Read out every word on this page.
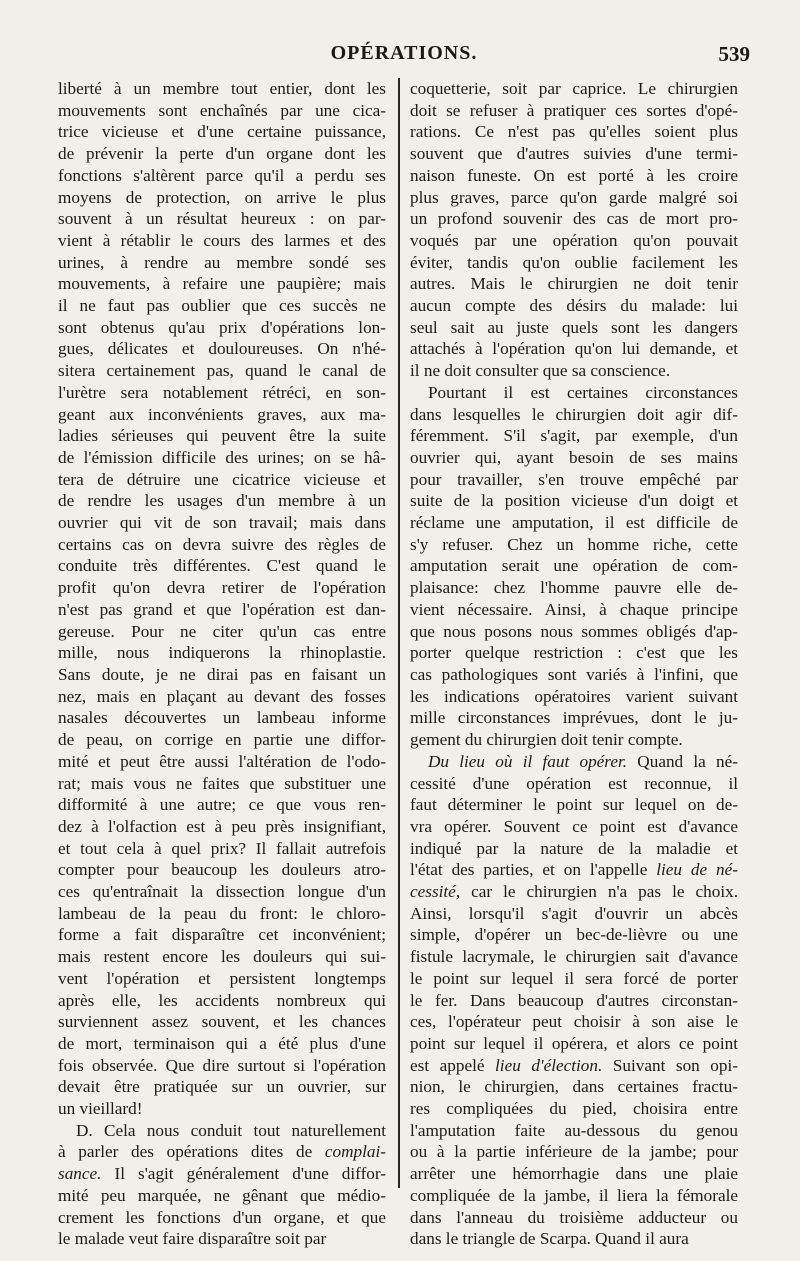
OPÉRATIONS.	539
liberté à un membre tout entier, dont les
mouvements sont enchaînés par une cica-
trice vicieuse et d'une certaine puissance,
de prévenir la perte d'un organe dont les
fonctions s'altèrent parce qu'il a perdu ses
moyens de protection, on arrive le plus
souvent à un résultat heureux : on par-
vient à rétablir le cours des larmes et des
urines, à rendre au membre sondé ses
mouvements, à refaire une paupière; mais
il ne faut pas oublier que ces succès ne
sont obtenus qu'au prix d'opérations lon-
gues, délicates et douloureuses. On n'hé-
sitera certainement pas, quand le canal de
l'urètre sera notablement rétréci, en son-
geant aux inconvénients graves, aux ma-
ladies sérieuses qui peuvent être la suite
de l'émission difficile des urines; on se hâ-
tera de détruire une cicatrice vicieuse et
de rendre les usages d'un membre à un
ouvrier qui vit de son travail; mais dans
certains cas on devra suivre des règles de
conduite très différentes. C'est quand le
profit qu'on devra retirer de l'opération
n'est pas grand et que l'opération est dan-
gereuse. Pour ne citer qu'un cas entre
mille, nous indiquerons la rhinoplastie.
Sans doute, je ne dirai pas en faisant un
nez, mais en plaçant au devant des fosses
nasales découvertes un lambeau informe
de peau, on corrige en partie une diffor-
mité et peut être aussi l'altération de l'odo-
rat; mais vous ne faites que substituer une
difformité à une autre; ce que vous ren-
dez à l'olfaction est à peu près insignifiant,
et tout cela à quel prix? Il fallait autrefois
compter pour beaucoup les douleurs atro-
ces qu'entraînait la dissection longue d'un
lambeau de la peau du front: le chloro-
forme a fait disparaître cet inconvénient;
mais restent encore les douleurs qui sui-
vent l'opération et persistent longtemps
après elle, les accidents nombreux qui
surviennent assez souvent, et les chances
de mort, terminaison qui a été plus d'une
fois observée. Que dire surtout si l'opération
devait être pratiquée sur un ouvrier, sur
un vieillard!
D. Cela nous conduit tout naturellement
à parler des opérations dites de complai-
sance. Il s'agit généralement d'une diffor-
mité peu marquée, ne gênant que médio-
crement les fonctions d'un organe, et que
le malade veut faire disparaître soit par
coquetterie, soit par caprice. Le chirurgien
doit se refuser à pratiquer ces sortes d'opé-
rations. Ce n'est pas qu'elles soient plus
souvent que d'autres suivies d'une termi-
naison funeste. On est porté à les croire
plus graves, parce qu'on garde malgré soi
un profond souvenir des cas de mort pro-
voqués par une opération qu'on pouvait
éviter, tandis qu'on oublie facilement les
autres. Mais le chirurgien ne doit tenir
aucun compte des désirs du malade: lui
seul sait au juste quels sont les dangers
attachés à l'opération qu'on lui demande, et
il ne doit consulter que sa conscience.
Pourtant il est certaines circonstances
dans lesquelles le chirurgien doit agir dif-
féremment. S'il s'agit, par exemple, d'un
ouvrier qui, ayant besoin de ses mains
pour travailler, s'en trouve empêché par
suite de la position vicieuse d'un doigt et
réclame une amputation, il est difficile de
s'y refuser. Chez un homme riche, cette
amputation serait une opération de com-
plaisance: chez l'homme pauvre elle de-
vient nécessaire. Ainsi, à chaque principe
que nous posons nous sommes obligés d'ap-
porter quelque restriction : c'est que les
cas pathologiques sont variés à l'infini, que
les indications opératoires varient suivant
mille circonstances imprévues, dont le ju-
gement du chirurgien doit tenir compte.
Du lieu où il faut opérer. Quand la né-
cessité d'une opération est reconnue, il
faut déterminer le point sur lequel on de-
vra opérer. Souvent ce point est d'avance
indiqué par la nature de la maladie et
l'état des parties, et on l'appelle lieu de né-
cessité, car le chirurgien n'a pas le choix.
Ainsi, lorsqu'il s'agit d'ouvrir un abcès
simple, d'opérer un bec-de-lièvre ou une
fistule lacrymale, le chirurgien sait d'avance
le point sur lequel il sera forcé de porter
le fer. Dans beaucoup d'autres circonstan-
ces, l'opérateur peut choisir à son aise le
point sur lequel il opérera, et alors ce point
est appelé lieu d'élection. Suivant son opi-
nion, le chirurgien, dans certaines fractu-
res compliquées du pied, choisira entre
l'amputation faite au-dessous du genou
ou à la partie inférieure de la jambe; pour
arrêter une hémorrhagie dans une plaie
compliquée de la jambe, il liera la fémorale
dans l'anneau du troisième adducteur ou
dans le triangle de Scarpa. Quand il aura
